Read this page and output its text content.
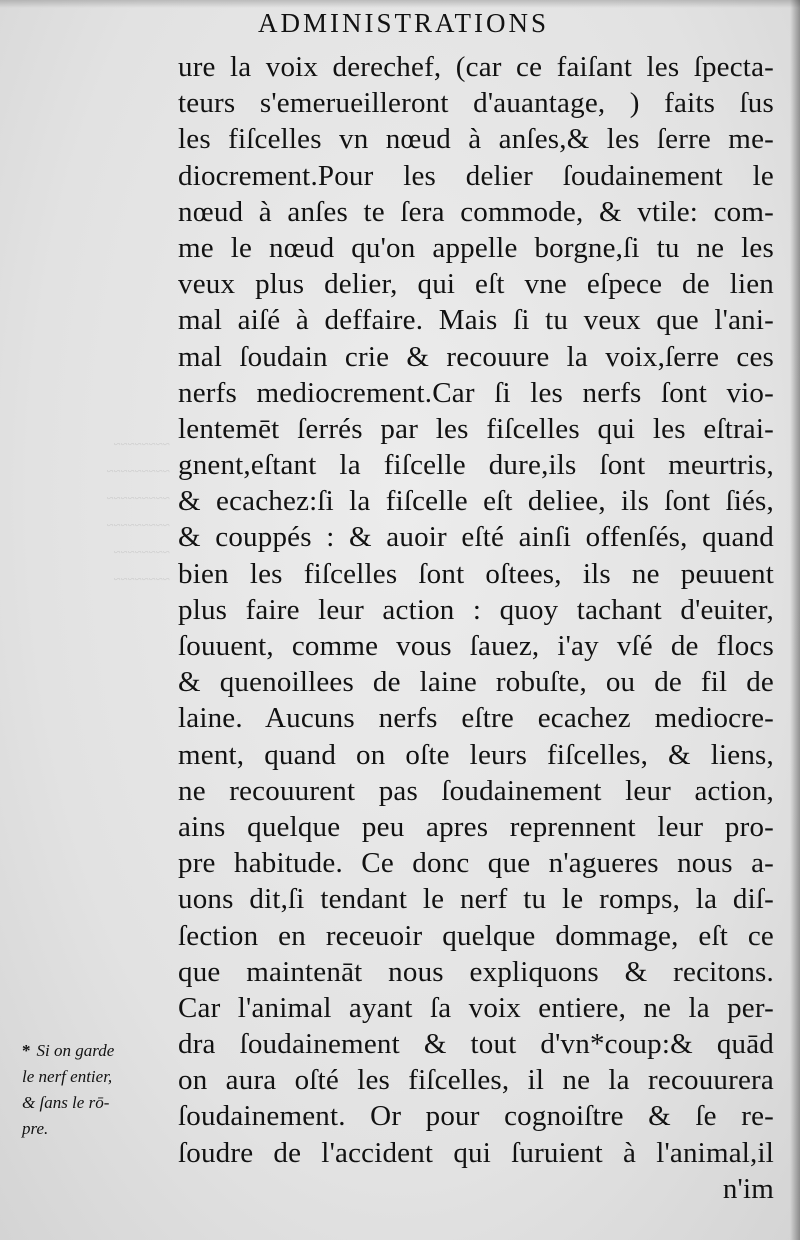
~~~~~~~~
~~~~~~~~~
~~~~~~~~~
~~~~~~~~~
~~~~~~~~
~~~~~~~~
ADMINISTRATIONS
ure la voix derechef, (car ce faiſant les ſpecta-
teurs s'emerueilleront d'auantage, ) faits ſus
les fiſcelles vn nœud à anſes,& les ſerre me-
diocrement.Pour les delier ſoudainement le
nœud à anſes te ſera commode, & vtile: com-
me le nœud qu'on appelle borgne,ſi tu ne les
veux plus delier, qui eſt vne eſpece de lien
mal aiſé à deffaire. Mais ſi tu veux que l'ani-
mal ſoudain crie & recouure la voix,ſerre ces
nerfs mediocrement.Car ſi les nerfs ſont vio-
lentemēt ſerrés par les fiſcelles qui les eſtrai-
gnent,eſtant la fiſcelle dure,ils ſont meurtris,
& ecachez:ſi la fiſcelle eſt deliee, ils ſont ſiés,
& couppés : & auoir eſté ainſi offenſés, quand
bien les fiſcelles ſont oſtees, ils ne peuuent
plus faire leur action : quoy tachant d'euiter,
ſouuent, comme vous ſauez, i'ay vſé de flocs
& quenoillees de laine robuſte, ou de fil de
laine. Aucuns nerfs eſtre ecachez mediocre-
ment, quand on oſte leurs fiſcelles, & liens,
ne recouurent pas ſoudainement leur action,
ains quelque peu apres reprennent leur pro-
pre habitude. Ce donc que n'agueres nous a-
uons dit,ſi tendant le nerf tu le romps, la diſ-
ſection en receuoir quelque dommage, eſt ce
que maintenāt nous expliquons & recitons.
Car l'animal ayant ſa voix entiere, ne la per-
dra ſoudainement & tout d'vn*coup:& quād
on aura oſté les fiſcelles, il ne la recouurera
ſoudainement. Or pour cognoiſtre & ſe re-
ſoudre de l'accident qui ſuruient à l'animal,il
n'im
* Si on garde
le nerf entier,
& ſans le rō-
pre.
